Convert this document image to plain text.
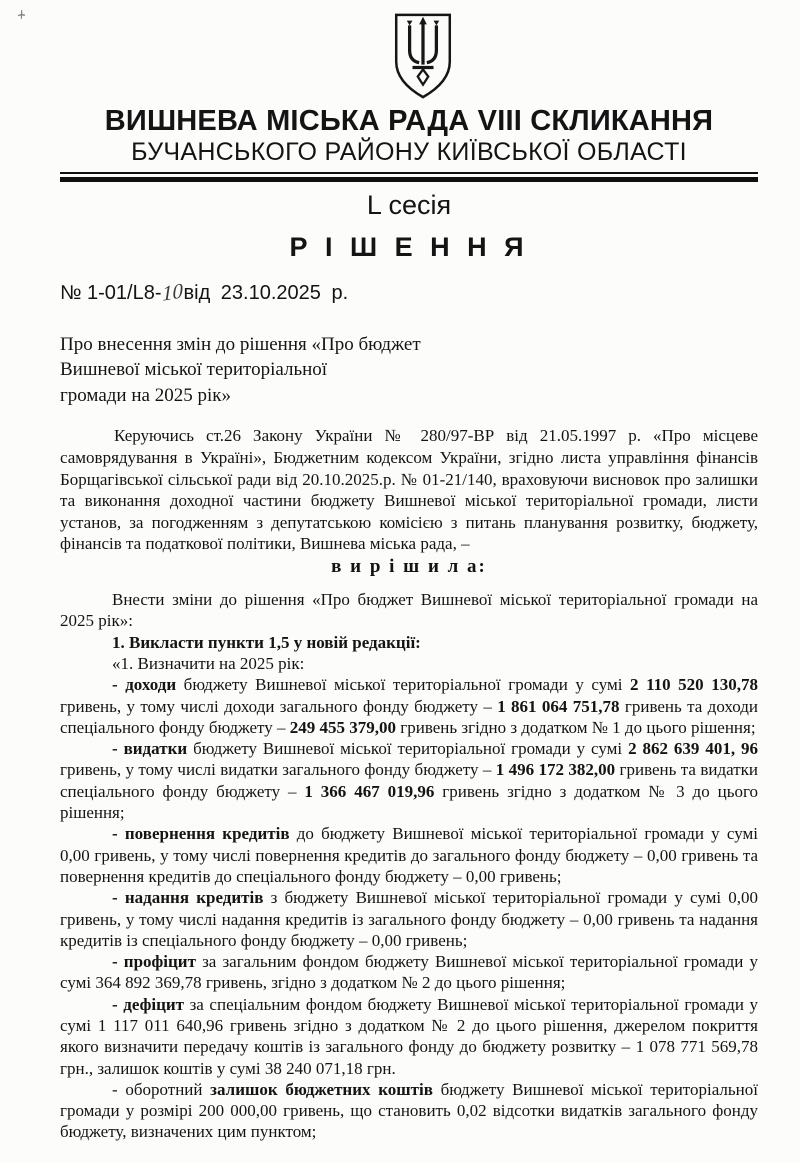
ВИШНЕВА МІСЬКА РАДА VIII СКЛИКАННЯ
БУЧАНСЬКОГО РАЙОНУ КИЇВСЬКОЇ ОБЛАСТІ
L сесія
Р І Ш Е Н Н Я
№ 1-01/L8-10від 23.10.2025 р.
Про внесення змін до рішення «Про бюджет
Вишневої міської територіальної
громади на 2025 рік»

Керуючись ст.26 Закону України № 280/97-ВР від 21.05.1997 р. «Про місцеве самоврядування в Україні», Бюджетним кодексом України, згідно листа управління фінансів Борщагівської сільської ради від 20.10.2025.р. № 01-21/140, враховуючи висновок про залишки та виконання доходної частини бюджету Вишневої міської територіальної громади, листи установ, за погодженням з депутатською комісією з питань планування розвитку, бюджету, фінансів та податкової політики, Вишнева міська рада, –

в и р і ш и л а:

Внести зміни до рішення «Про бюджет Вишневої міської територіальної громади на 2025 рік»:

1. Викласти пункти 1,5 у новій редакції:

«1. Визначити на 2025 рік:

- доходи бюджету Вишневої міської територіальної громади у сумі 2 110 520 130,78 гривень, у тому числі доходи загального фонду бюджету – 1 861 064 751,78 гривень та доходи спеціального фонду бюджету – 249 455 379,00 гривень згідно з додатком № 1 до цього рішення;

- видатки бюджету Вишневої міської територіальної громади у сумі 2 862 639 401, 96 гривень, у тому числі видатки загального фонду бюджету – 1 496 172 382,00 гривень та видатки спеціального фонду бюджету – 1 366 467 019,96 гривень згідно з додатком № 3 до цього рішення;

- повернення кредитів до бюджету Вишневої міської територіальної громади у сумі 0,00 гривень, у тому числі повернення кредитів до загального фонду бюджету – 0,00 гривень та повернення кредитів до спеціального фонду бюджету – 0,00 гривень;

- надання кредитів з бюджету Вишневої міської територіальної громади у сумі 0,00 гривень, у тому числі надання кредитів із загального фонду бюджету – 0,00 гривень та надання кредитів із спеціального фонду бюджету – 0,00 гривень;

- профіцит за загальним фондом бюджету Вишневої міської територіальної громади у сумі 364 892 369,78 гривень, згідно з додатком № 2 до цього рішення;

- дефіцит за спеціальним фондом бюджету Вишневої міської територіальної громади у сумі 1 117 011 640,96 гривень згідно з додатком № 2 до цього рішення, джерелом покриття якого визначити передачу коштів із загального фонду до бюджету розвитку – 1 078 771 569,78 грн., залишок коштів у сумі 38 240 071,18 грн.

- оборотний залишок бюджетних коштів бюджету Вишневої міської територіальної громади у розмірі 200 000,00 гривень, що становить 0,02 відсотки видатків загального фонду бюджету, визначених цим пунктом;
